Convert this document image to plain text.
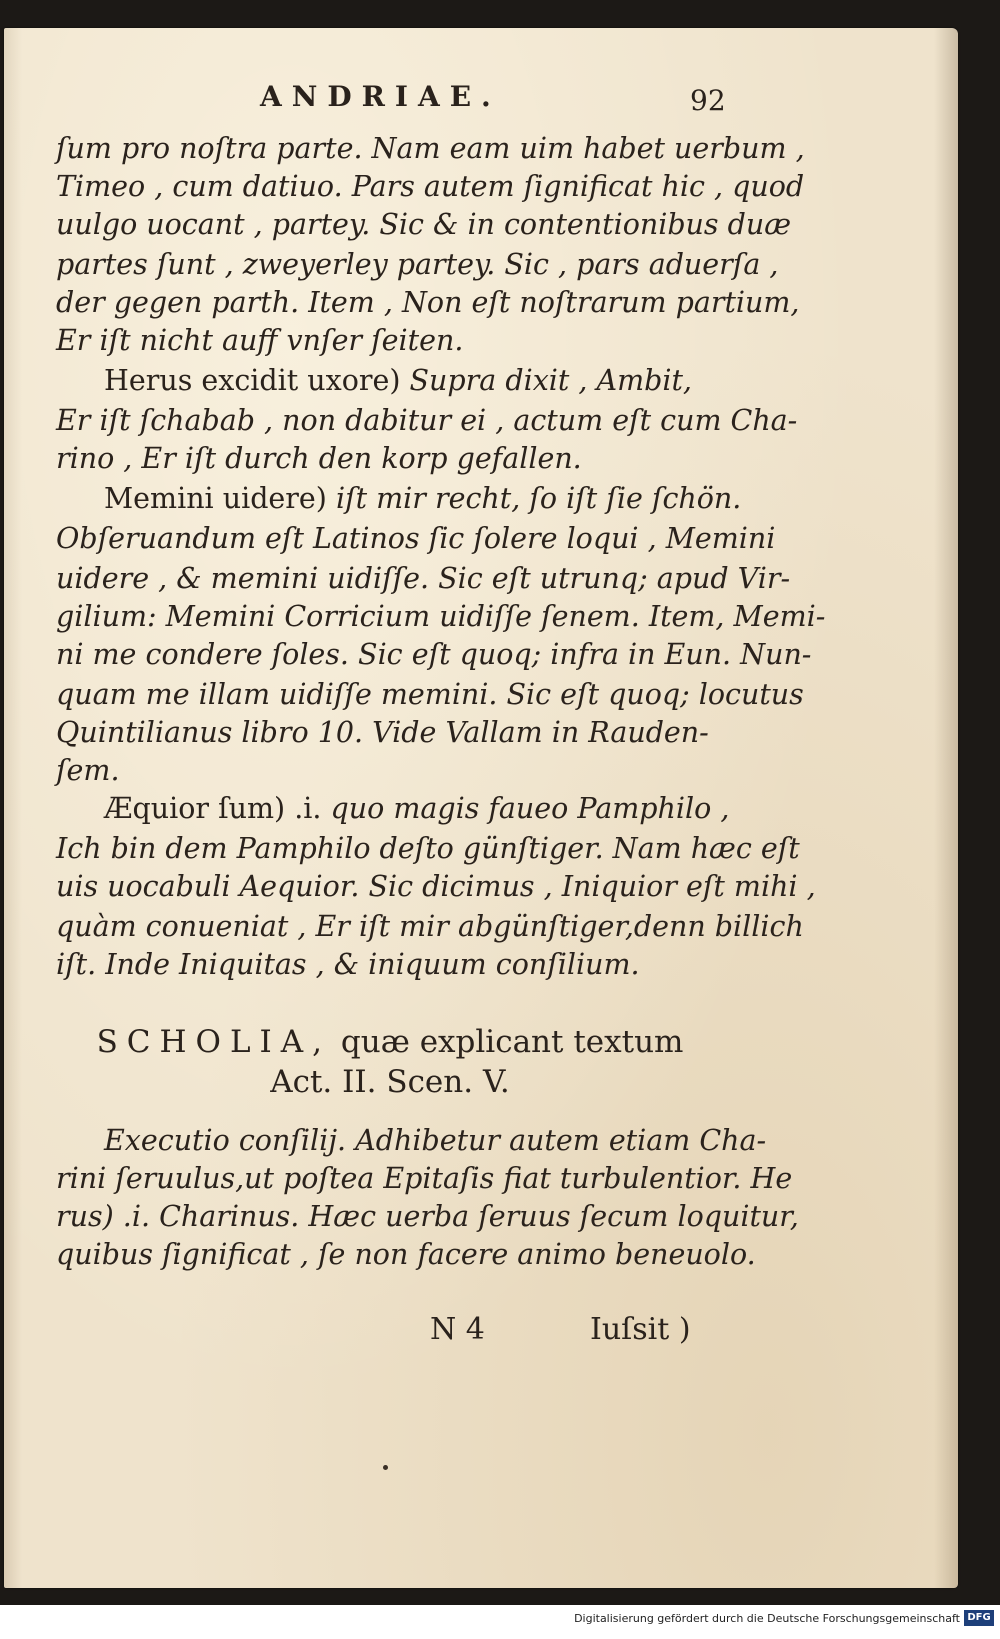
ANDRIAE.	92
ſum pro noſtra parte. Nam eam uim habet uerbum ,
Timeo , cum datiuo. Pars autem ſignificat hic , quod
uulgo uocant , partey. Sic & in contentionibus duæ
partes ſunt , zweyerley partey. Sic , pars aduerſa ,
der gegen parth. Item , Non eſt noſtrarum partium,
Er iſt nicht auff vnſer ſeiten.
Herus excidit uxore) Supra dixit , Ambit,
Er iſt ſchabab , non dabitur ei , actum eſt cum Cha-
rino , Er iſt durch den korp gefallen.
Memini uidere) iſt mir recht, ſo iſt ſie ſchön.
Obſeruandum eſt Latinos ſic ſolere loqui , Memini
uidere , & memini uidiſſe. Sic eſt utrunq; apud Vir-
gilium: Memini Corricium uidiſſe ſenem. Item, Memi-
ni me condere ſoles. Sic eſt quoq; infra in Eun. Nun-
quam me illam uidiſſe memini. Sic eſt quoq; locutus
Quintilianus libro 10. Vide Vallam in Rauden-
ſem.
Æquior ſum) .i. quo magis faueo Pamphilo ,
Ich bin dem Pamphilo deſto günſtiger. Nam hæc eſt
uis uocabuli Aequior. Sic dicimus , Iniquior eſt mihi ,
quàm conueniat , Er iſt mir abgünſtiger,denn billich
iſt. Inde Iniquitas , & iniquum conſilium.
SCHOLIA, quæ explicant textum
Act. II. Scen. V.
Executio conſilij. Adhibetur autem etiam Cha-
rini ſeruulus,ut poſtea Epitaſis fiat turbulentior. He
rus) .i. Charinus. Hæc uerba ſeruus ſecum loquitur,
quibus ſignificat , ſe non facere animo beneuolo.
N 4	Iuſsit )
Digitalisierung gefördert durch die Deutsche Forschungsgemeinschaft DFG
